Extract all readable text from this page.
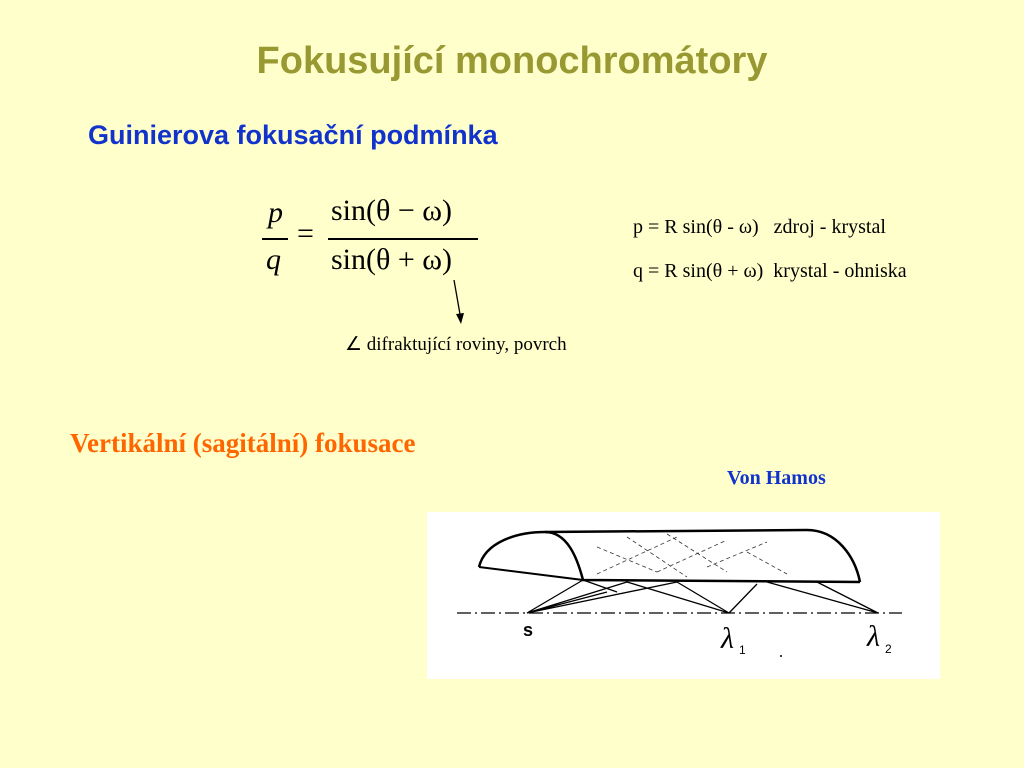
Fokusující monochromátory
Guinierova fokusační podmínka
p
q
=
sin(θ − ω)
sin(θ + ω)
p = R sin(θ - ω)   zdroj - krystal
q = R sin(θ + ω)  krystal - ohniska
∠ difraktující roviny, povrch
Vertikální (sagitální) fokusace
Von Hamos
s	λ 1	λ 2
